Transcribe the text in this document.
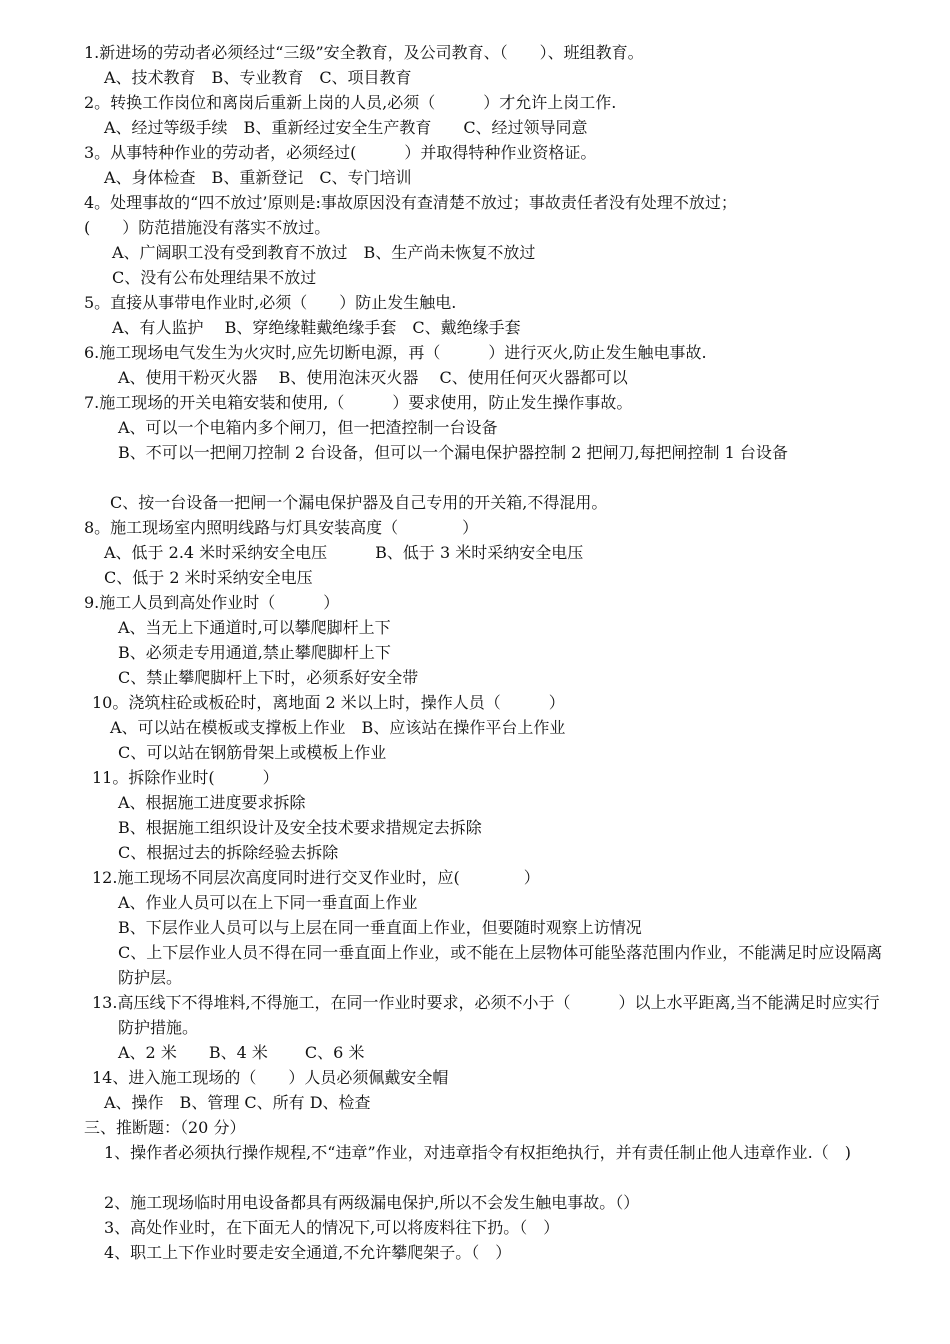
1.新进场的劳动者必须经过“三级”安全教育，及公司教育、（　　）、班组教育。
A、技术教育　B、专业教育　C、项目教育
2。转换工作岗位和离岗后重新上岗的人员,必须（　　　）才允许上岗工作.
A、经过等级手续　B、重新经过安全生产教育　　C、经过领导同意
3。从事特种作业的劳动者，必须经过(　　　）并取得特种作业资格证。
A、身体检查　B、重新登记　C、专门培训
4。处理事故的“四不放过’原则是:事故原因没有查清楚不放过；事故责任者没有处理不放过；
(　　）防范措施没有落实不放过。
A、广阔职工没有受到教育不放过　B、生产尚未恢复不放过
C、没有公布处理结果不放过
5。直接从事带电作业时,必须（　　）防止发生触电.
A、有人监护　 B、穿绝缘鞋戴绝缘手套　C、戴绝缘手套
6.施工现场电气发生为火灾时,应先切断电源，再（　　　）进行灭火,防止发生触电事故.
A、使用干粉灭火器　 B、使用泡沫灭火器　 C、使用任何灭火器都可以
7.施工现场的开关电箱安装和使用,（　　　）要求使用，防止发生操作事故。
A、可以一个电箱内多个闸刀，但一把渣控制一台设备
B、不可以一把闸刀控制 2 台设备，但可以一个漏电保护器控制 2 把闸刀,每把闸控制 1 台设备
C、按一台设备一把闸一个漏电保护器及自己专用的开关箱,不得混用。
8。施工现场室内照明线路与灯具安装高度（　　　　）
A、低于 2.4 米时采纳安全电压　　　B、低于 3 米时采纳安全电压
C、低于 2 米时采纳安全电压
9.施工人员到高处作业时（　　　）
A、当无上下通道时,可以攀爬脚杆上下
B、必须走专用通道,禁止攀爬脚杆上下
C、禁止攀爬脚杆上下时，必须系好安全带
10。浇筑柱砼或板砼时，离地面 2 米以上时，操作人员（　　　）
A、可以站在模板或支撑板上作业　B、应该站在操作平台上作业
C、可以站在钢筋骨架上或模板上作业
11。拆除作业时(　　　）
A、根据施工进度要求拆除
B、根据施工组织设计及安全技术要求措规定去拆除
C、根据过去的拆除经验去拆除
12.施工现场不同层次高度同时进行交叉作业时，应(　　　　）
A、作业人员可以在上下同一垂直面上作业
B、下层作业人员可以与上层在同一垂直面上作业，但要随时观察上访情况
C、上下层作业人员不得在同一垂直面上作业，或不能在上层物体可能坠落范围内作业，不能满足时应设隔离防护层。
13.高压线下不得堆料,不得施工，在同一作业时要求，必须不小于（　　　）以上水平距离,当不能满足时应实行防护措施。
A、2 米　　B、4 米　　 C、6 米
14、进入施工现场的（　　）人员必须佩戴安全帽
A、操作　B、管理 C、所有 D、检查
三、推断题：（20 分）
1、操作者必须执行操作规程,不“违章”作业，对违章指令有权拒绝执行，并有责任制止他人违章作业.（　)
2、施工现场临时用电设备都具有两级漏电保护,所以不会发生触电事故。（）
3、高处作业时，在下面无人的情况下,可以将废料往下扔。（　）
4、职工上下作业时要走安全通道,不允许攀爬架子。（　）
